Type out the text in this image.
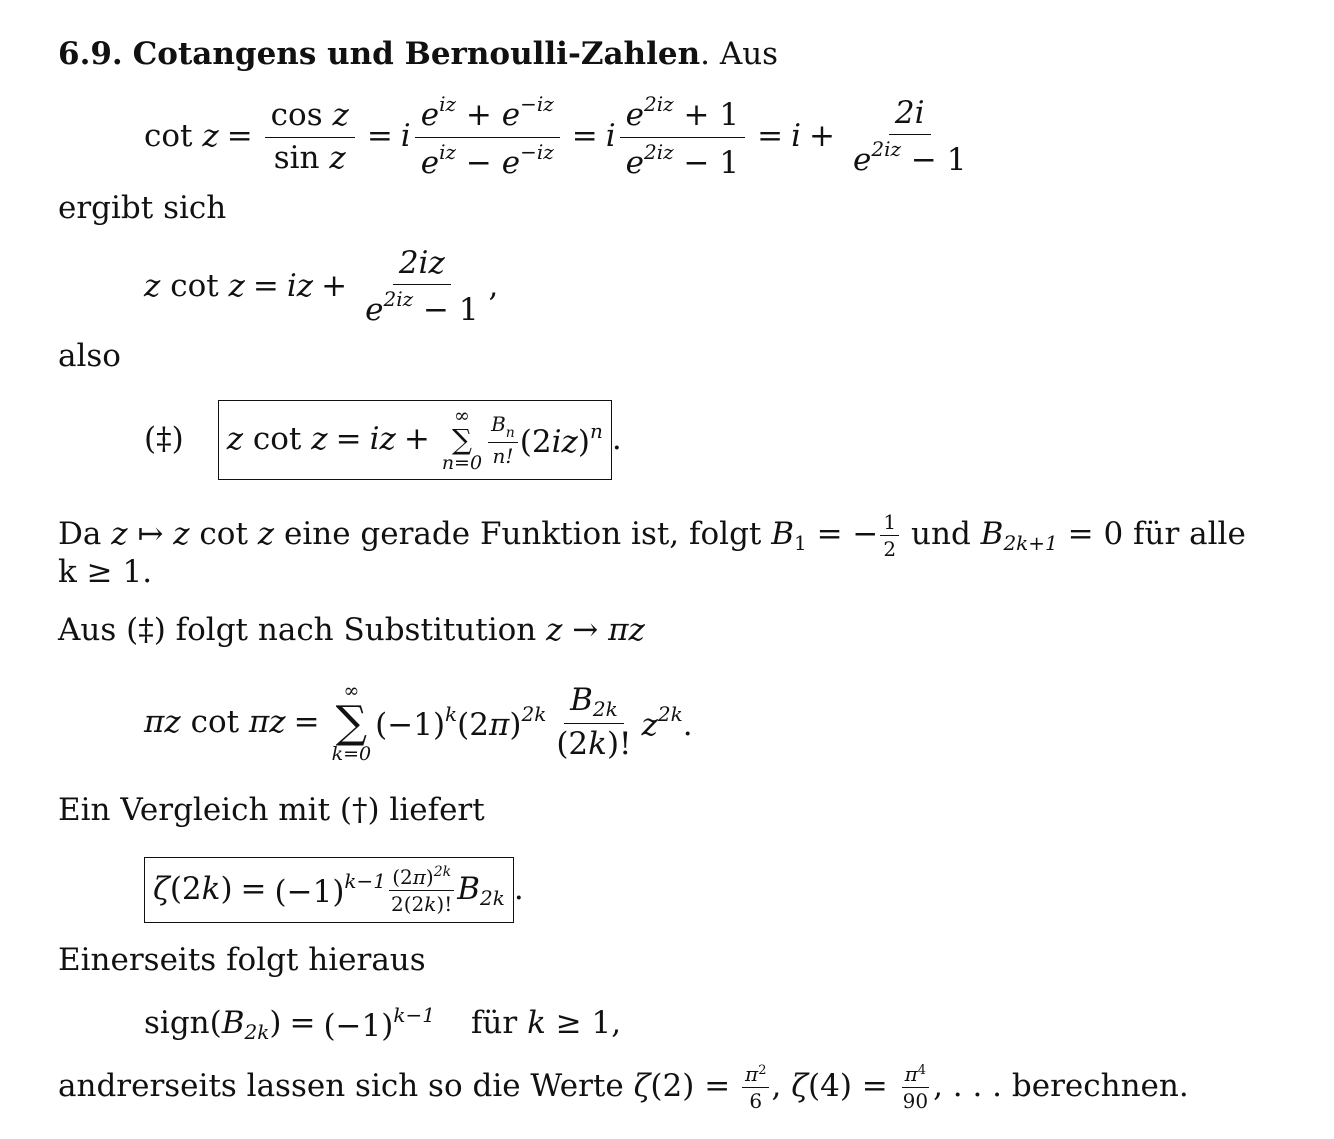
6.9. Cotangens und Bernoulli-Zahlen. Aus
$\cot z = \frac{\text{cos z}}{\text{sin z}} = i \frac{e^{iz} + e^{-iz}}{e^{iz} - e^{-iz}} = i \frac{e^{2iz} + 1}{e^{2iz} - 1} = i + \frac{2i}{e^{2iz} - 1}$
ergibt sich
z
cot
z = iz + $\frac{2iz}{e^{2iz} - 1}$ ,
also
(‡) z
cot
z = iz +
∞
∑
$n=0 \frac{B_n}{n!} (2iz)^n$ .
Da z ↦ z cot z eine gerade Funktion ist, folgt $B_1$ = − $\frac{1}{2}$ und $B_{2k+1} = 0$ für alle
k ≥ 1.
Aus (‡) folgt nach Substitution z → πz
πz
cot
πz =
∞
∑
k=0
$(-1)^k(2\pi)^{2k} \frac{B_{2k}}{(2k)!} z^{2k}$.
Ein Vergleich mit (†) liefert
$\zeta(2k) = (-1)^{k-1} \frac{(2\pi)^{2k}}{2(2k)!} B_{2k}$ .
Einerseits folgt hieraus
$sign(B_{2k}) = (-1)^{k-1}$ für
k ≥ 1,
andrerseits lassen sich so die Werte $\zeta(2) = \frac{\pi^2}{6}$ , $\zeta(4) = \frac{\pi^4}{90}$ , . . . berechnen.
